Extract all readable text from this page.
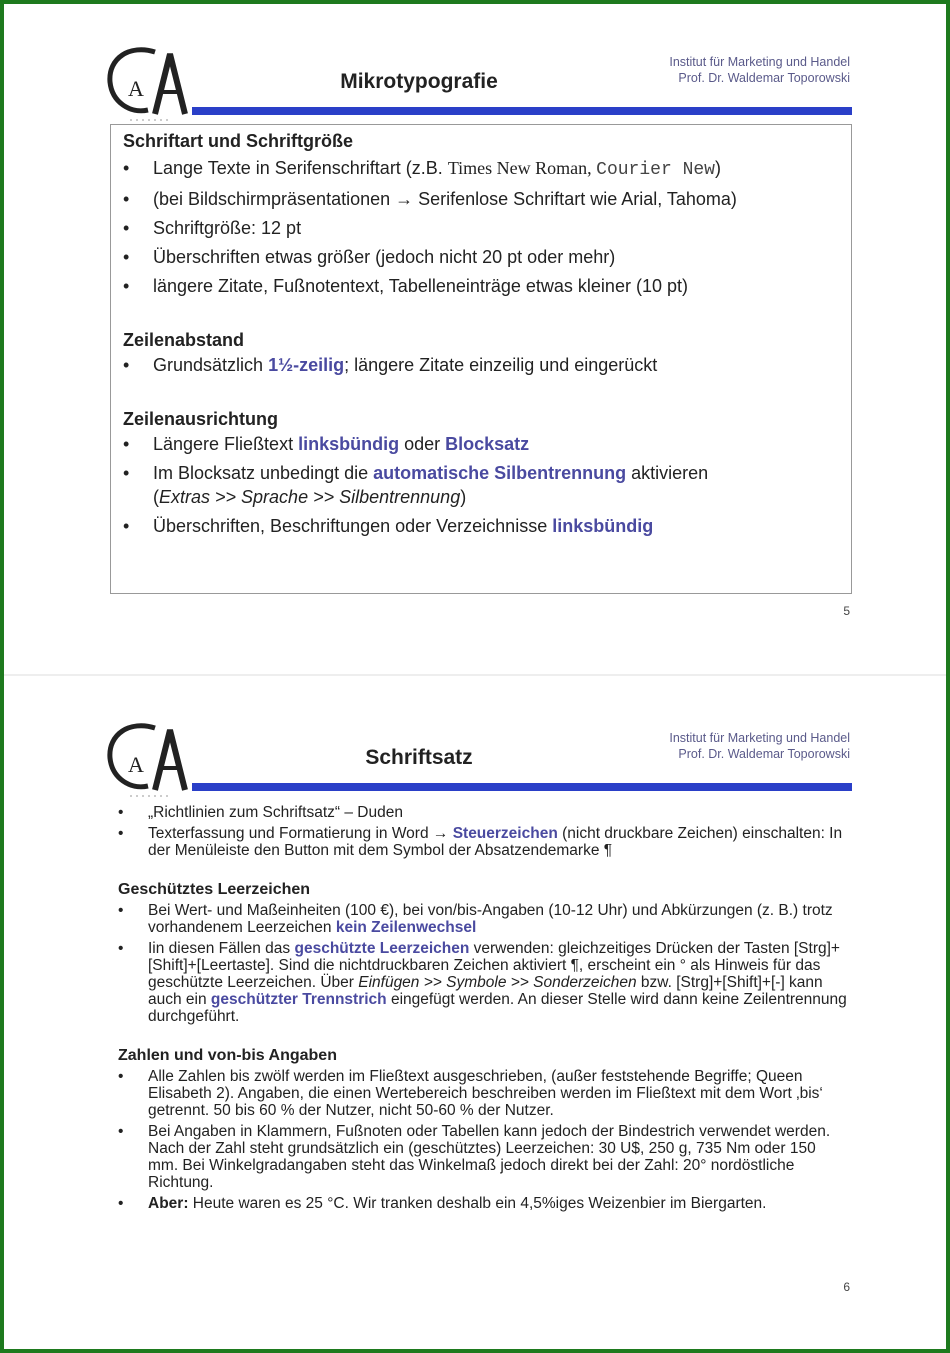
A	Mikrotypografie
Institut für Marketing und Handel
Prof. Dr. Waldemar Toporowski
Schriftart und Schriftgröße
• Lange Texte in Serifenschriftart (z.B. Times New Roman, Courier New)
• (bei Bildschirmpräsentationen → Serifenlose Schriftart wie Arial, Tahoma)
• Schriftgröße: 12 pt
• Überschriften etwas größer (jedoch nicht 20 pt oder mehr)
• längere Zitate, Fußnotentext, Tabelleneinträge etwas kleiner (10 pt)
Zeilenabstand
• Grundsätzlich 1½-zeilig; längere Zitate einzeilig und eingerückt
Zeilenausrichtung
• Längere Fließtext linksbündig oder Blocksatz
• Im Blocksatz unbedingt die automatische Silbentrennung aktivieren
(Extras >> Sprache >> Silbentrennung)
• Überschriften, Beschriftungen oder Verzeichnisse linksbündig
5
A	Schriftsatz
Institut für Marketing und Handel
Prof. Dr. Waldemar Toporowski
• „Richtlinien zum Schriftsatz“ – Duden
• Texterfassung und Formatierung in Word → Steuerzeichen (nicht druckbare Zeichen) einschalten: In der Menüleiste den Button mit dem Symbol der Absatzendemarke ¶
Geschütztes Leerzeichen
• Bei Wert- und Maßeinheiten (100 €), bei von/bis-Angaben (10-12 Uhr) und Abkürzungen (z. B.) trotz vorhandenem Leerzeichen kein Zeilenwechsel
• Iin diesen Fällen das geschützte Leerzeichen verwenden: gleichzeitiges Drücken der Tasten [Strg]+[Shift]+[Leertaste]. Sind die nichtdruckbaren Zeichen aktiviert ¶, erscheint ein ° als Hinweis für das geschützte Leerzeichen. Über Einfügen >> Symbole >> Sonderzeichen bzw. [Strg]+[Shift]+[-] kann auch ein geschützter Trennstrich eingefügt werden. An dieser Stelle wird dann keine Zeilentrennung durchgeführt.
Zahlen und von-bis Angaben
• Alle Zahlen bis zwölf werden im Fließtext ausgeschrieben, (außer feststehende Begriffe; Queen Elisabeth 2). Angaben, die einen Wertebereich beschreiben werden im Fließtext mit dem Wort ‚bis‘ getrennt. 50 bis 60 % der Nutzer, nicht 50-60 % der Nutzer.
• Bei Angaben in Klammern, Fußnoten oder Tabellen kann jedoch der Bindestrich verwendet werden. Nach der Zahl steht grundsätzlich ein (geschütztes) Leerzeichen: 30 U$, 250 g, 735 Nm oder 150 mm. Bei Winkelgradangaben steht das Winkelmaß jedoch direkt bei der Zahl: 20° nordöstliche Richtung.
• Aber: Heute waren es 25 °C. Wir tranken deshalb ein 4,5%iges Weizenbier im Biergarten.
6
